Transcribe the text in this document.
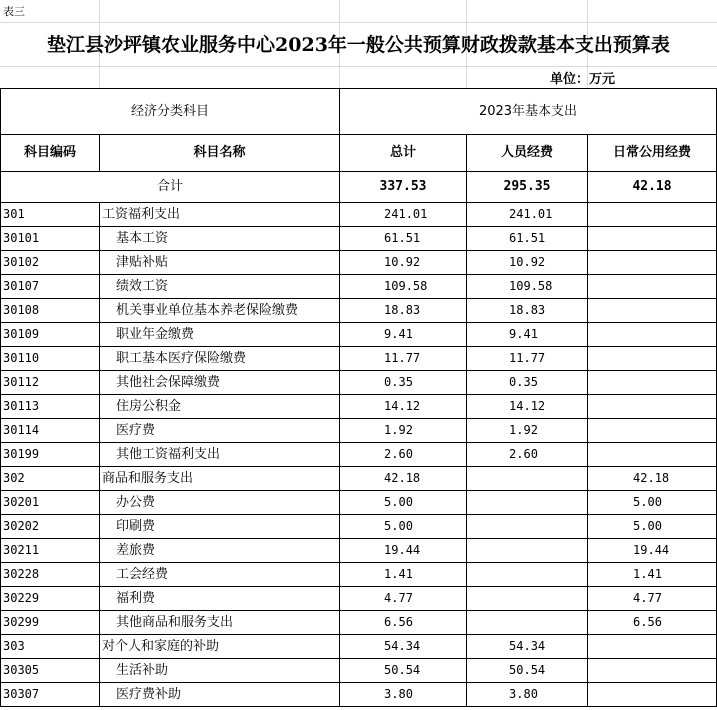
表三
垫江县沙坪镇农业服务中心2023年一般公共预算财政拨款基本支出预算表
单位：万元
经济分类科目		2023年基本支出		
科目编码	科目名称	总计	人员经费	日常公用经费
合计		337.53	295.35	42.18
301	工资福利支出	241.01	241.01	
30101	基本工资	61.51	61.51	
30102	津贴补贴	10.92	10.92	
30107	绩效工资	109.58	109.58	
30108	机关事业单位基本养老保险缴费	18.83	18.83	
30109	职业年金缴费	9.41	9.41	
30110	职工基本医疗保险缴费	11.77	11.77	
30112	其他社会保障缴费	0.35	0.35	
30113	住房公积金	14.12	14.12	
30114	医疗费	1.92	1.92	
30199	其他工资福利支出	2.60	2.60	
302	商品和服务支出	42.18		42.18
30201	办公费	5.00		5.00
30202	印刷费	5.00		5.00
30211	差旅费	19.44		19.44
30228	工会经费	1.41		1.41
30229	福利费	4.77		4.77
30299	其他商品和服务支出	6.56		6.56
303	对个人和家庭的补助	54.34	54.34	
30305	生活补助	50.54	50.54	
30307	医疗费补助	3.80	3.80	
